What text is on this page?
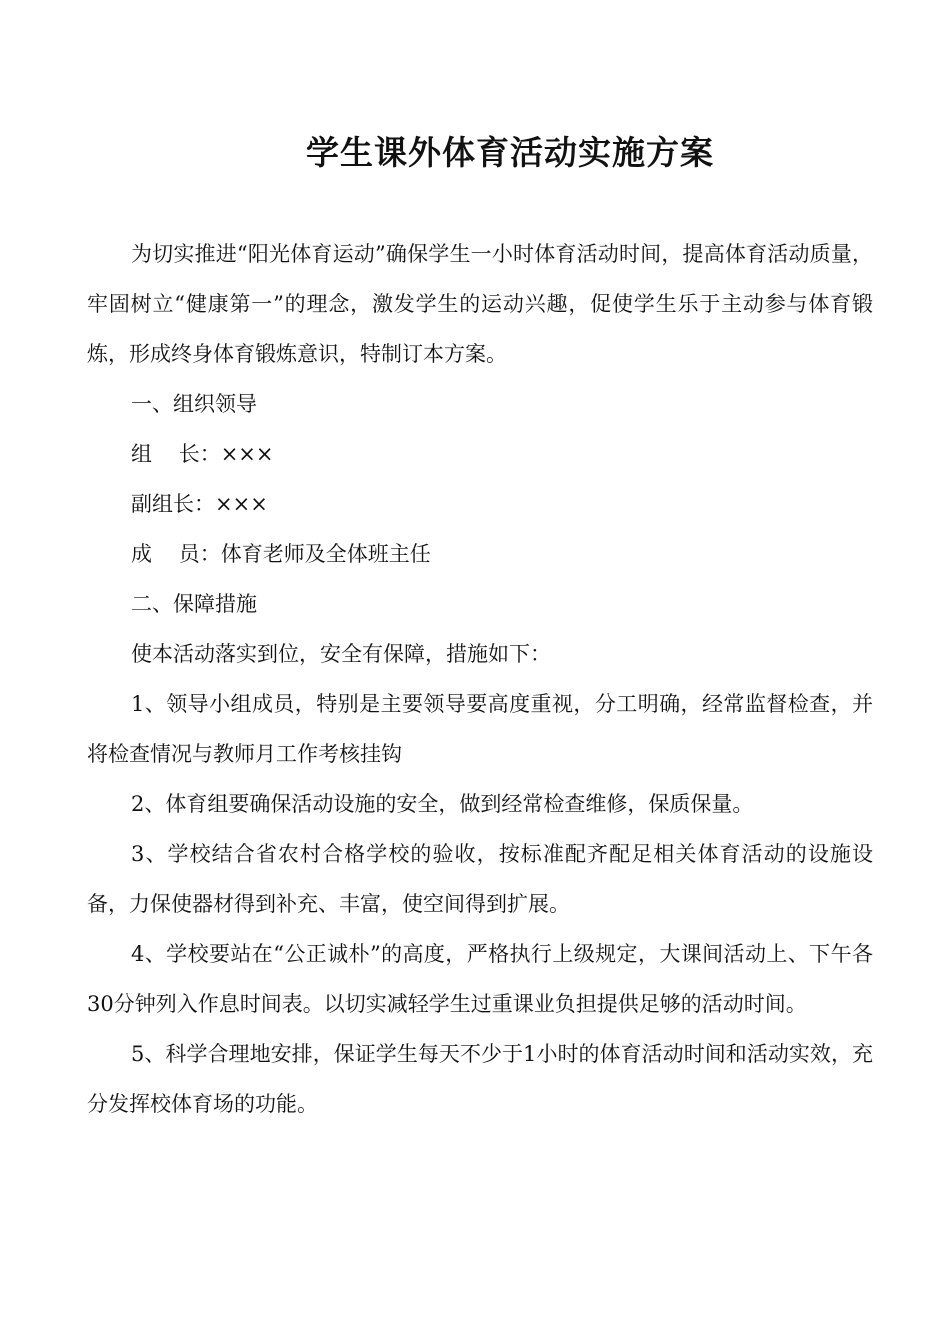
学生课外体育活动实施方案

为切实推进“阳光体育运动”确保学生一小时体育活动时间，提高体育活动质量，牢固树立“健康第一”的理念，激发学生的运动兴趣，促使学生乐于主动参与体育锻炼，形成终身体育锻炼意识，特制订本方案。

一、组织领导

组    长：×××

副组长：×××

成    员：体育老师及全体班主任

二、保障措施

使本活动落实到位，安全有保障，措施如下：

1、领导小组成员，特别是主要领导要高度重视，分工明确，经常监督检查，并将检查情况与教师月工作考核挂钩

2、体育组要确保活动设施的安全，做到经常检查维修，保质保量。

3、学校结合省农村合格学校的验收，按标准配齐配足相关体育活动的设施设备，力保使器材得到补充、丰富，使空间得到扩展。

4、学校要站在“公正诚朴”的高度，严格执行上级规定，大课间活动上、下午各30分钟列入作息时间表。以切实减轻学生过重课业负担提供足够的活动时间。

5、科学合理地安排，保证学生每天不少于1小时的体育活动时间和活动实效，充分发挥校体育场的功能。
